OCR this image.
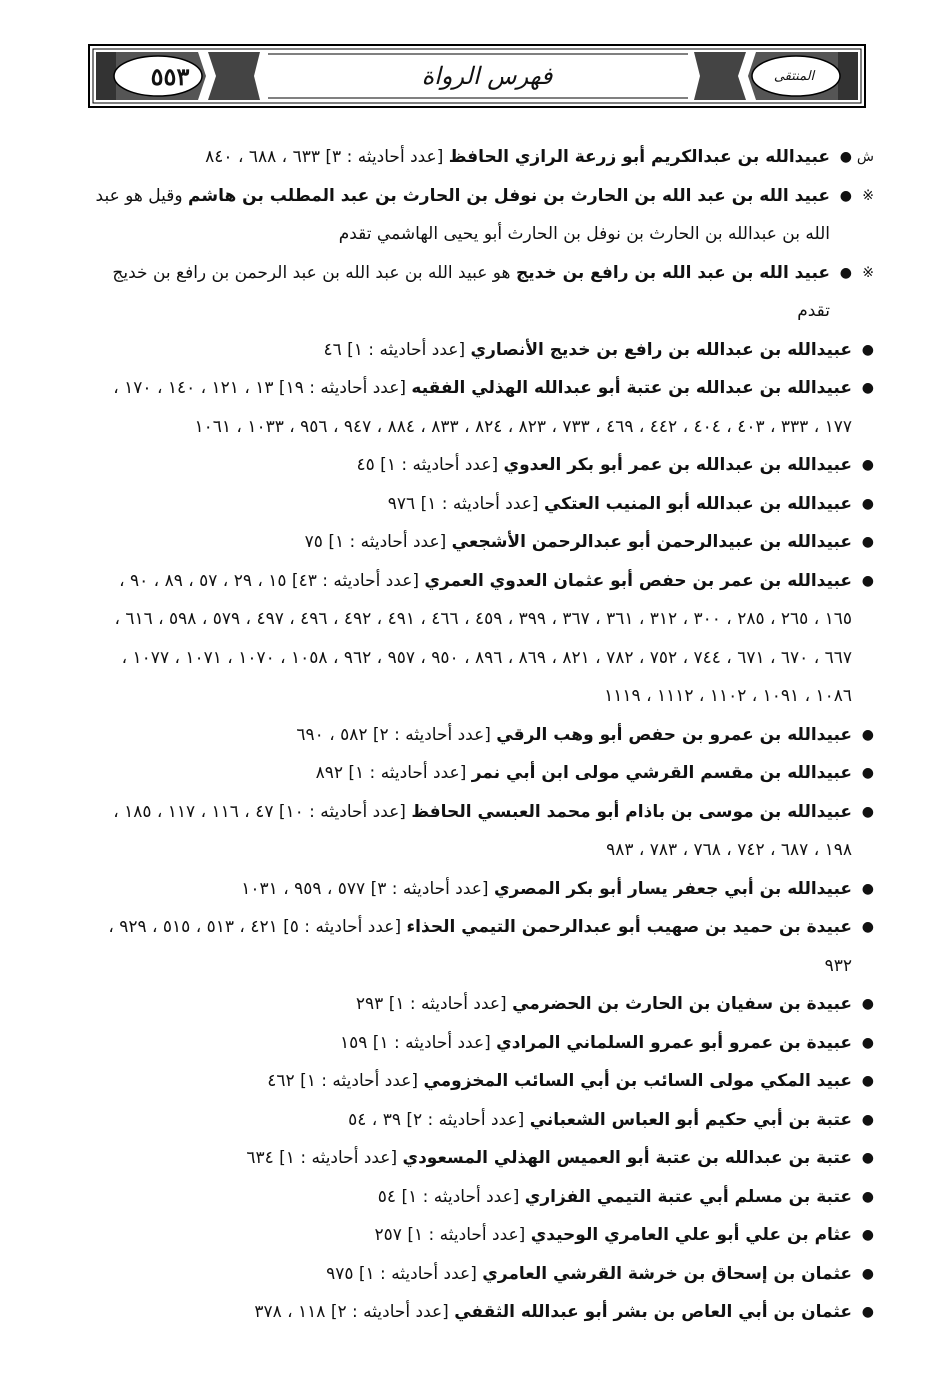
٥٥٣	فهرس الرواة	المنتقى
ش
●
عبيدالله بن عبدالكريم أبو زرعة الرازي الحافظ [عدد أحاديثه : ٣] ٦٣٣ ، ٦٨٨ ، ٨٤٠
※
●
عبيد الله بن عبد الله بن الحارث بن نوفل بن الحارث بن عبد المطلب بن هاشم وقيل هو عبد الله بن عبدالله بن الحارث بن نوفل بن الحارث أبو يحيى الهاشمي تقدم
※
●
عبيد الله بن عبد الله بن رافع بن خديج هو عبيد الله بن عبد الله بن عبد الرحمن بن رافع بن خديج تقدم
●
عبيدالله بن عبدالله بن رافع بن خديج الأنصاري [عدد أحاديثه : ١] ٤٦
●
عبيدالله بن عبدالله بن عتبة أبو عبدالله الهذلي الفقيه [عدد أحاديثه : ١٩] ١٣ ، ١٢١ ، ١٤٠ ، ١٧٠ ، ١٧٧ ، ٣٣٣ ، ٤٠٣ ، ٤٠٤ ، ٤٤٢ ، ٤٦٩ ، ٧٣٣ ، ٨٢٣ ، ٨٢٤ ، ٨٣٣ ، ٨٨٤ ، ٩٤٧ ، ٩٥٦ ، ١٠٣٣ ، ١٠٦١
●
عبيدالله بن عبدالله بن عمر أبو بكر العدوي [عدد أحاديثه : ١] ٤٥
●
عبيدالله بن عبدالله أبو المنيب العتكي [عدد أحاديثه : ١] ٩٧٦
●
عبيدالله بن عبيدالرحمن أبو عبدالرحمن الأشجعي [عدد أحاديثه : ١] ٧٥
●
عبيدالله بن عمر بن حفص أبو عثمان العدوي العمري [عدد أحاديثه : ٤٣] ١٥ ، ٢٩ ، ٥٧ ، ٨٩ ، ٩٠ ، ١٦٥ ، ٢٦٥ ، ٢٨٥ ، ٣٠٠ ، ٣١٢ ، ٣٦١ ، ٣٦٧ ، ٣٩٩ ، ٤٥٩ ، ٤٦٦ ، ٤٩١ ، ٤٩٢ ، ٤٩٦ ، ٤٩٧ ، ٥٧٩ ، ٥٩٨ ، ٦١٦ ، ٦٦٧ ، ٦٧٠ ، ٦٧١ ، ٧٤٤ ، ٧٥٢ ، ٧٨٢ ، ٨٢١ ، ٨٦٩ ، ٨٩٦ ، ٩٥٠ ، ٩٥٧ ، ٩٦٢ ، ١٠٥٨ ، ١٠٧٠ ، ١٠٧١ ، ١٠٧٧ ، ١٠٨٦ ، ١٠٩١ ، ١١٠٢ ، ١١١٢ ، ١١١٩
●
عبيدالله بن عمرو بن حفص أبو وهب الرقي [عدد أحاديثه : ٢] ٥٨٢ ، ٦٩٠
●
عبيدالله بن مقسم القرشي مولى ابن أبي نمر [عدد أحاديثه : ١] ٨٩٢
●
عبيدالله بن موسى بن باذام أبو محمد العبسي الحافظ [عدد أحاديثه : ١٠] ٤٧ ، ١١٦ ، ١١٧ ، ١٨٥ ، ١٩٨ ، ٦٨٧ ، ٧٤٢ ، ٧٦٨ ، ٧٨٣ ، ٩٨٣
●
عبيدالله بن أبي جعفر يسار أبو بكر المصري [عدد أحاديثه : ٣] ٥٧٧ ، ٩٥٩ ، ١٠٣١
●
عبيدة بن حميد بن صهيب أبو عبدالرحمن التيمي الحذاء [عدد أحاديثه : ٥] ٤٢١ ، ٥١٣ ، ٥١٥ ، ٩٢٩ ، ٩٣٢
●
عبيدة بن سفيان بن الحارث بن الحضرمي [عدد أحاديثه : ١] ٢٩٣
●
عبيدة بن عمرو أبو عمرو السلماني المرادي [عدد أحاديثه : ١] ١٥٩
●
عبيد المكي مولى السائب بن أبي السائب المخزومي [عدد أحاديثه : ١] ٤٦٢
●
عتبة بن أبي حكيم أبو العباس الشعباني [عدد أحاديثه : ٢] ٣٩ ، ٥٤
●
عتبة بن عبدالله بن عتبة أبو العميس الهذلي المسعودي [عدد أحاديثه : ١] ٦٣٤
●
عتبة بن مسلم أبي عتبة التيمي الفزاري [عدد أحاديثه : ١] ٥٤
●
عثام بن علي أبو علي العامري الوحيدي [عدد أحاديثه : ١] ٢٥٧
●
عثمان بن إسحاق بن خرشة القرشي العامري [عدد أحاديثه : ١] ٩٧٥
●
عثمان بن أبي العاص بن بشر أبو عبدالله الثقفي [عدد أحاديثه : ٢] ١١٨ ، ٣٧٨
